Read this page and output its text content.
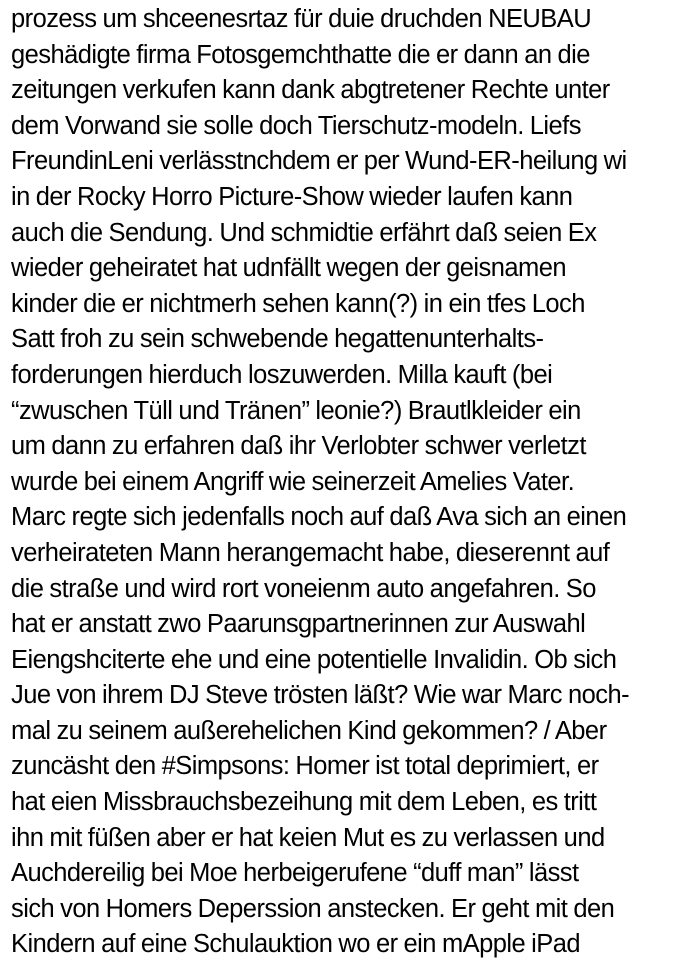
prozess um shceenesrtaz für duie druchden NEUBAU
geshädigte firma Fotosgemchthatte die er dann an die
zeitungen verkufen kann dank abgtretener Rechte unter
dem Vorwand sie solle doch Tierschutz-modeln. Liefs
FreundinLeni verlässtnchdem er per Wund-ER-heilung wi
in der Rocky Horro Picture-Show wieder laufen kann
auch die Sendung. Und schmidtie erfährt daß seien Ex
wieder geheiratet hat udnfällt wegen der geisnamen
kinder die er nichtmerh sehen kann(?) in ein tfes Loch
Satt froh zu sein schwebende hegattenunterhalts-
forderungen hierduch loszuwerden. Milla kauft (bei
“zwuschen Tüll und Tränen” leonie?) Brautlkleider ein
um dann zu erfahren daß ihr Verlobter schwer verletzt
wurde bei einem Angriff wie seinerzeit Amelies Vater.
Marc regte sich jedenfalls noch auf daß Ava sich an einen
verheirateten Mann herangemacht habe, dieserennt auf
die straße und wird rort voneienm auto angefahren. So
hat er anstatt zwo Paarunsgpartnerinnen zur Auswahl
Eiengshciterte ehe und eine potentielle Invalidin. Ob sich
Jue von ihrem DJ Steve trösten läßt? Wie war Marc noch-
mal zu seinem außerehelichen Kind gekommen? / Aber
zuncäsht den #Simpsons: Homer ist total deprimiert, er
hat eien Missbrauchsbezeihung mit dem Leben, es tritt
ihn mit füßen aber er hat keien Mut es zu verlassen und
Auchdereilig bei Moe herbeigerufene “duff man” lässt
sich von Homers Deperssion anstecken. Er geht mit den
Kindern auf eine Schulauktion wo er ein mApple iPad
